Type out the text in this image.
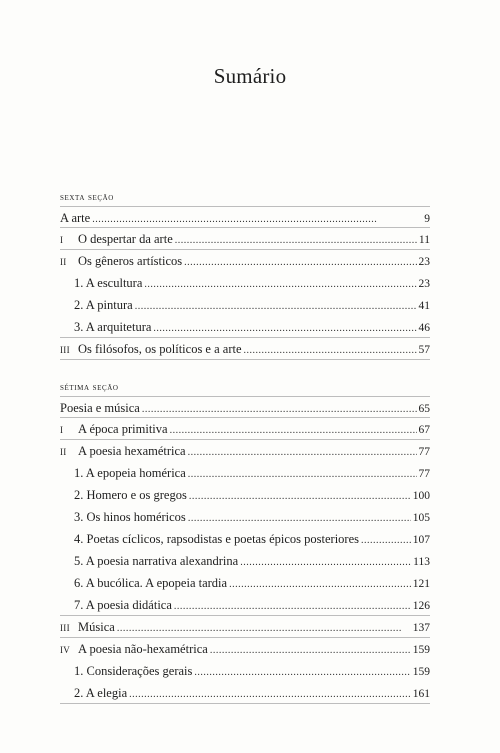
Sumário
sexta seção
A arte . . .	9
I O despertar da arte . . .	11
II Os gêneros artísticos . . .	23
1. A escultura . . .	23
2. A pintura . . .	41
3. A arquitetura . . .	46
III Os filósofos, os políticos e a arte . . .	57
sétima seção
Poesia e música . . .	65
I A época primitiva . . .	67
II A poesia hexamétrica . . .	77
1. A epopeia homérica . . .	77
2. Homero e os gregos . . .	100
3. Os hinos homéricos . . .	105
4. Poetas cíclicos, rapsodistas e poetas épicos posteriores . . .	107
5. A poesia narrativa alexandrina . . .	113
6. A bucólica. A epopeia tardia . . .	121
7. A poesia didática . . .	126
III Música . . .	137
IV A poesia não-hexamétrica . . .	159
1. Considerações gerais . . .	159
2. A elegia . . .	161
